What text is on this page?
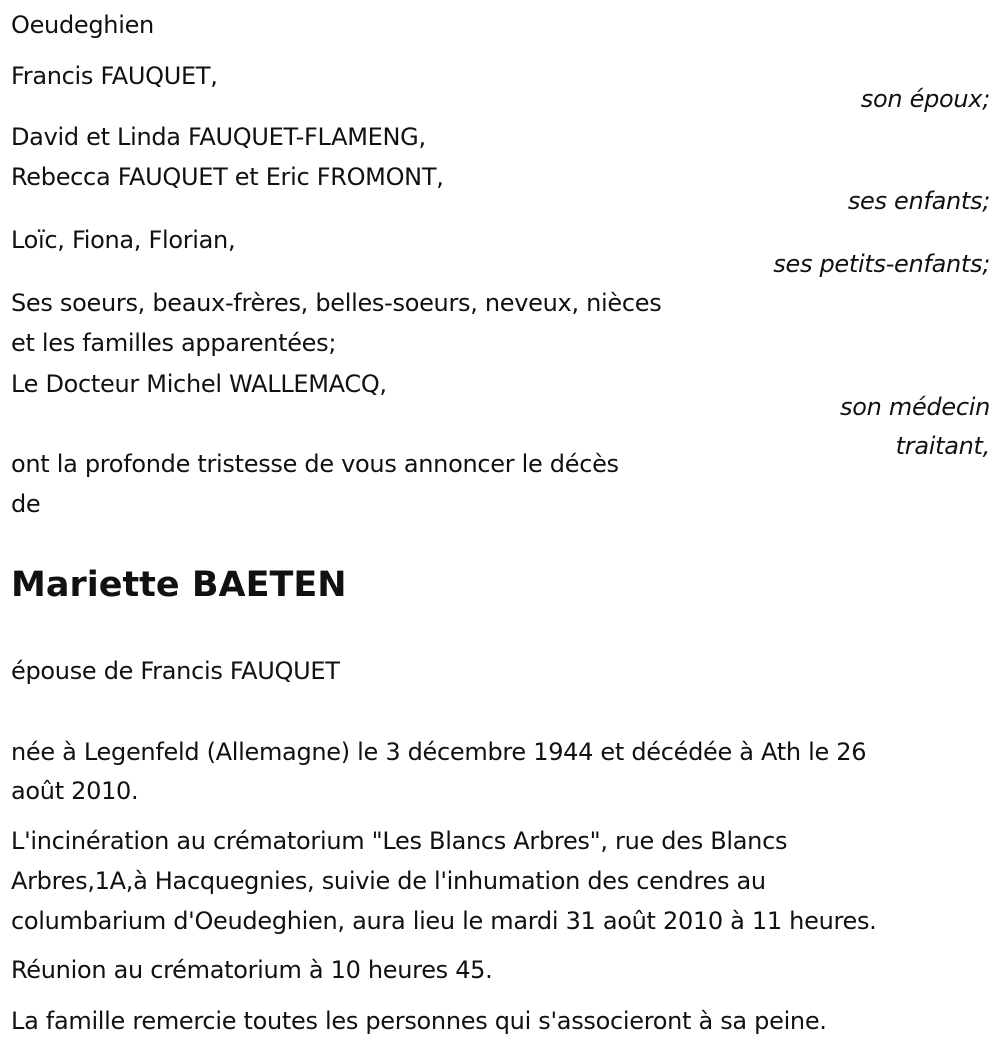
Oeudeghien
Francis FAUQUET,
son époux;
David et Linda FAUQUET-FLAMENG,
Rebecca FAUQUET et Eric FROMONT,
ses enfants;
Loïc, Fiona, Florian,
ses petits-enfants;
Ses soeurs, beaux-frères, belles-soeurs, neveux, nièces
et les familles apparentées;
Le Docteur Michel WALLEMACQ,
son médecin
traitant,
ont la profonde tristesse de vous annoncer le décès
de
Mariette BAETEN
épouse de Francis FAUQUET
née à Legenfeld (Allemagne) le 3 décembre 1944 et décédée à Ath le 26
août 2010.
L'incinération au crématorium "Les Blancs Arbres", rue des Blancs
Arbres,1A,à Hacquegnies, suivie de l'inhumation des cendres au
columbarium d'Oeudeghien, aura lieu le mardi 31 août 2010 à 11 heures.
Réunion au crématorium à 10 heures 45.
La famille remercie toutes les personnes qui s'associeront à sa peine.
